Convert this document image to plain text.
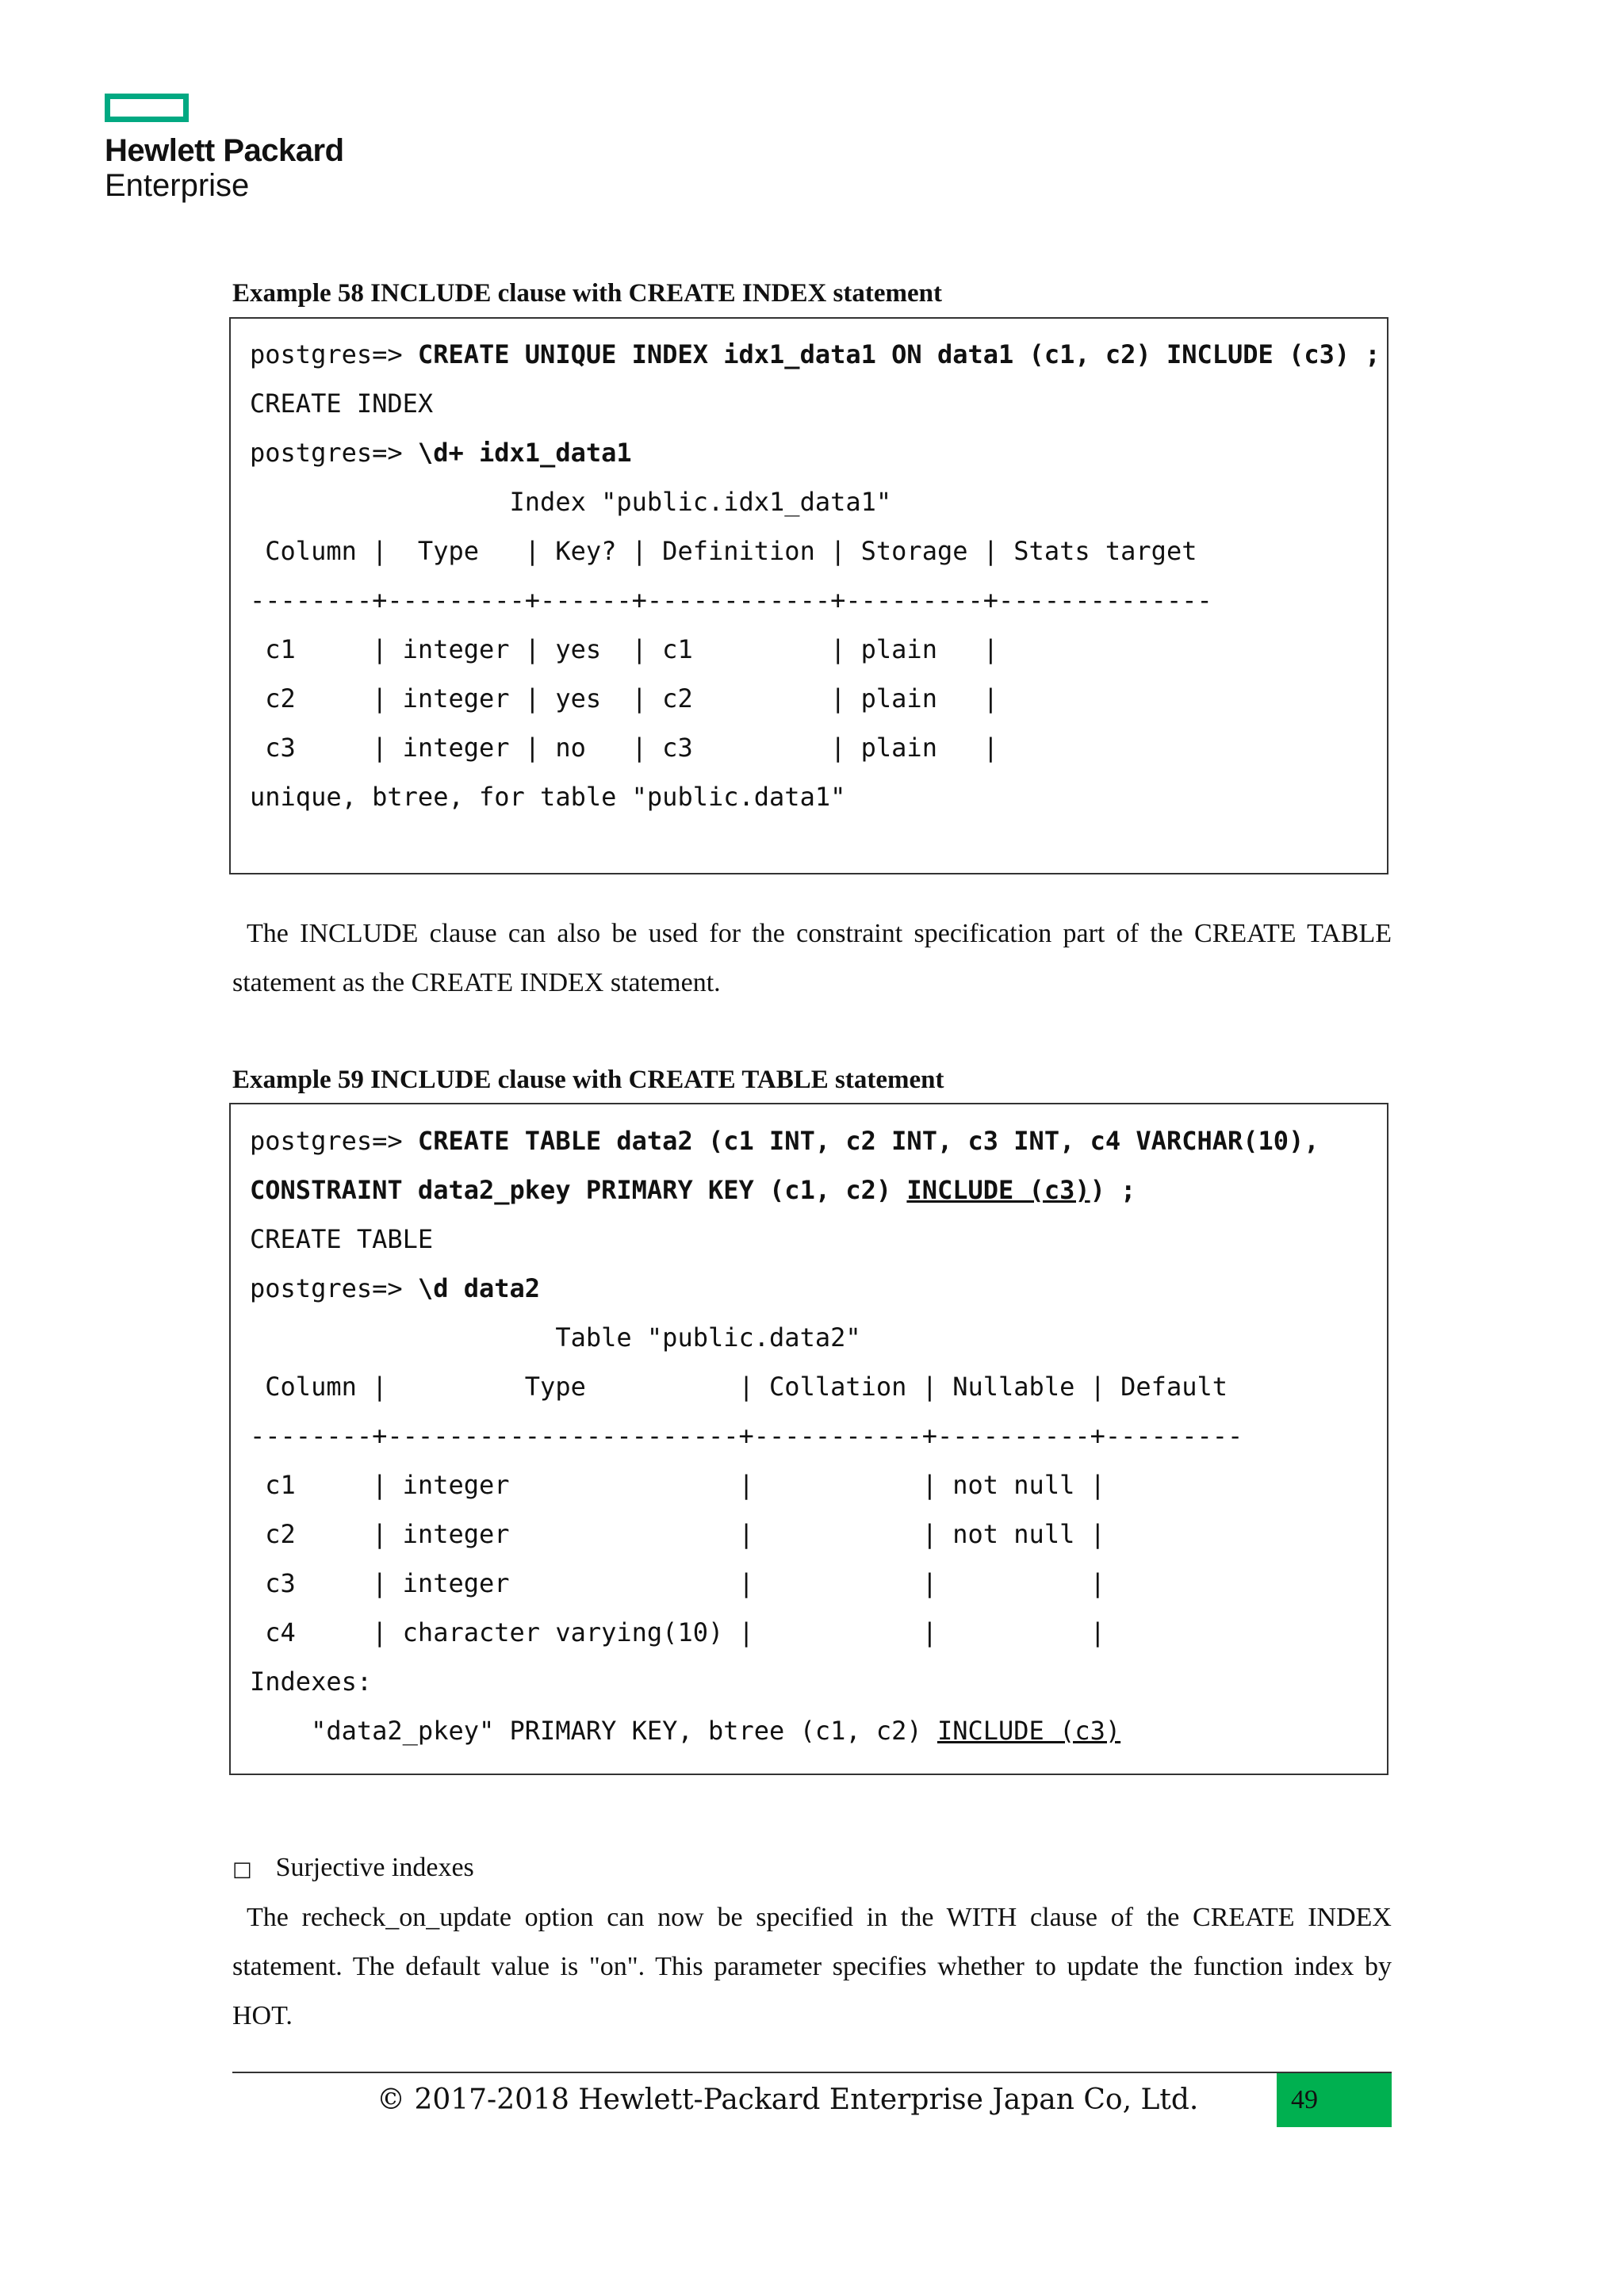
Hewlett Packard
Enterprise
Example 58 INCLUDE clause with CREATE INDEX statement
postgres=> CREATE UNIQUE INDEX idx1_data1 ON data1 (c1, c2) INCLUDE (c3) ;
CREATE INDEX
postgres=> \d+ idx1_data1
Index "public.idx1_data1"
Column |  Type   | Key? | Definition | Storage | Stats target
--------+---------+------+------------+---------+--------------
c1     | integer | yes  | c1         | plain   |
c2     | integer | yes  | c2         | plain   |
c3     | integer | no   | c3         | plain   |
unique, btree, for table "public.data1"
The INCLUDE clause can also be used for the constraint specification part of the CREATE TABLE statement as the CREATE INDEX statement.
Example 59 INCLUDE clause with CREATE TABLE statement
postgres=> CREATE TABLE data2 (c1 INT, c2 INT, c3 INT, c4 VARCHAR(10),
CONSTRAINT data2_pkey PRIMARY KEY (c1, c2) INCLUDE (c3)) ;
CREATE TABLE
postgres=> \d data2
Table "public.data2"
Column |         Type          | Collation | Nullable | Default
--------+-----------------------+-----------+----------+---------
c1     | integer               |           | not null |
c2     | integer               |           | not null |
c3     | integer               |           |          |
c4     | character varying(10) |           |          |
Indexes:
"data2_pkey" PRIMARY KEY, btree (c1, c2) INCLUDE (c3)
□ Surjective indexes
The recheck_on_update option can now be specified in the WITH clause of the CREATE INDEX statement. The default value is "on". This parameter specifies whether to update the function index by HOT.
© 2017-2018 Hewlett-Packard Enterprise Japan Co, Ltd.	49
